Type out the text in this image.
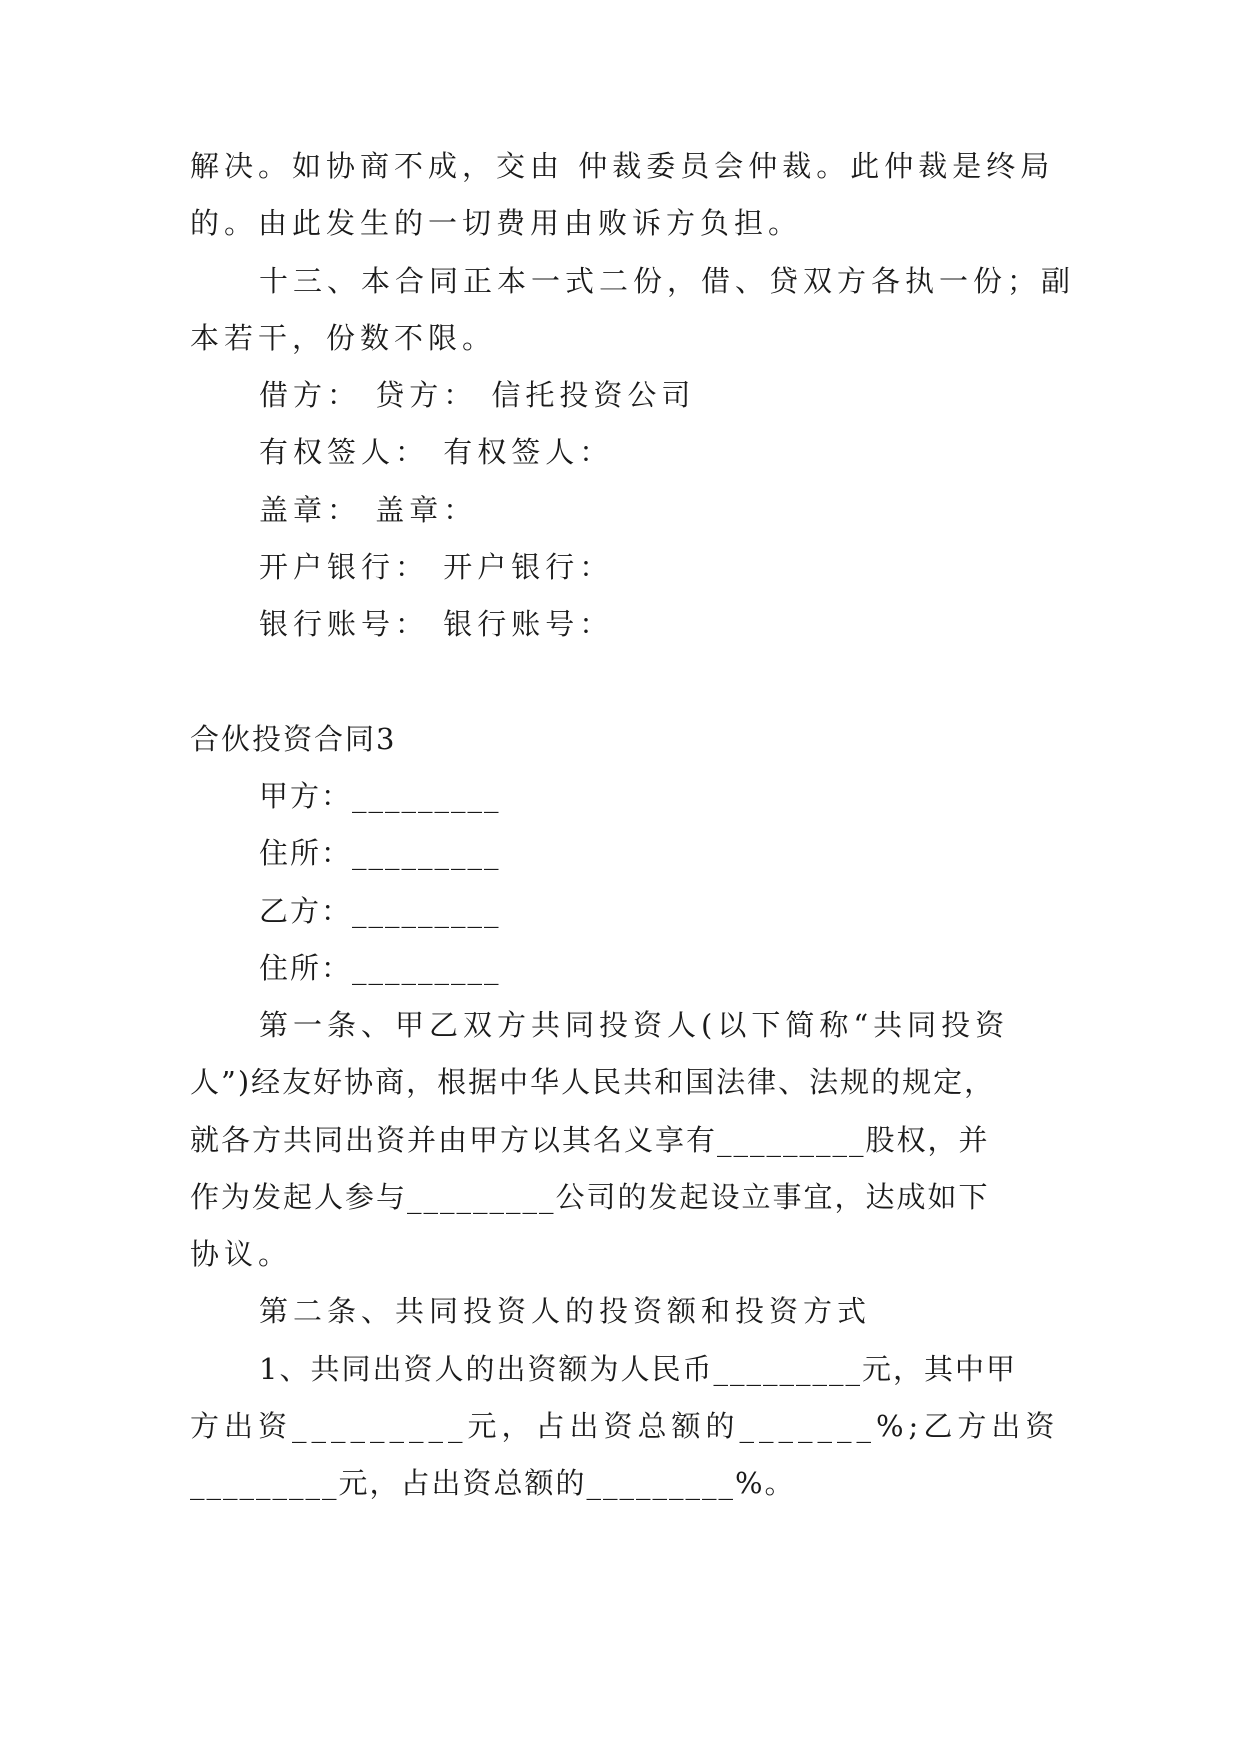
解决。如协商不成，交由 仲裁委员会仲裁。此仲裁是终局
的。由此发生的一切费用由败诉方负担。
十三、本合同正本一式二份，借、贷双方各执一份；副
本若干，份数不限。
借方： 贷方： 信托投资公司
有权签人： 有权签人：
盖章： 盖章：
开户银行： 开户银行：
银行账号： 银行账号：
合伙投资合同3
甲方：_________
住所：_________
乙方：_________
住所：_________
第一条、甲乙双方共同投资人(以下简称“共同投资
人”)经友好协商，根据中华人民共和国法律、法规的规定，
就各方共同出资并由甲方以其名义享有_________股权，并
作为发起人参与_________公司的发起设立事宜，达成如下
协议。
第二条、共同投资人的投资额和投资方式
1、共同出资人的出资额为人民币_________元，其中甲
方出资_________元，占出资总额的_______%;乙方出资
_________元，占出资总额的_________%。
